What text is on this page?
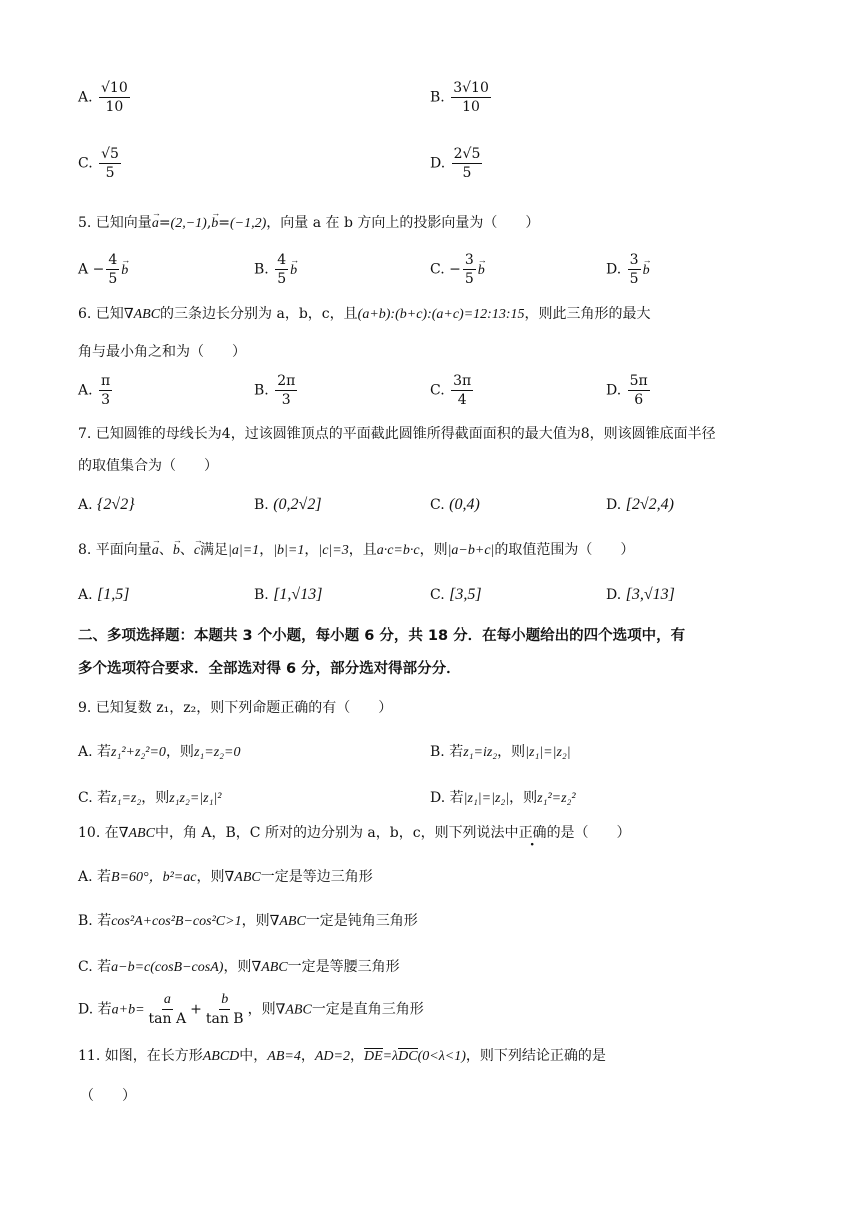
A. $\frac{√10}{10}$	B. $\frac{3√10}{10}$
C. $\frac{√5}{5}$	D. $\frac{2√5}{5}$
5. 已知向量→ a=(2,−1),→ b=(−1,2)，向量 a 在 b 方向上的投影向量为（　　）
$A - \frac{4}{5}$
→ b	B. $\frac{4}{5}$
→ b	C. − $\frac{3}{5}$
→ b	D. $\frac{3}{5}$
→ b
6. 已知∇ABC的三条边长分别为 a，b，c，且(a+b):(b+c):(a+c)=12:13:15，则此三角形的最大
角与最小角之和为（　　）
A. $\frac{\pi}{3}$	B. $\frac{2\pi}{3}$	C. $\frac{3\pi}{4}$	D. $\frac{5\pi}{6}$
7. 已知圆锥的母线长为4，过该圆锥顶点的平面截此圆锥所得截面面积的最大值为8，则该圆锥底面半径
的取值集合为（　　）
A. {2√2}	B. (0,2√2]	C. (0,4)	D. [2√2,4)
8. 平面向量→ a、→ b、→ c满足|a|=1，|b|=1，|c|=3，且a·c=b·c，则|a−b+c|的取值范围为（　　）
A. [1,5]	B. [1,√13]	C. [3,5]	D. [3,√13]
二、多项选择题：本题共 3 个小题，每小题 6 分，共 18 分．在每小题给出的四个选项中，有
多个选项符合要求．全部选对得 6 分，部分选对得部分分．
9. 已知复数 z₁，z₂，则下列命题正确的有（　　）
A. 若z₁²+z₂²=0，则z₁=z₂=0	B. 若z₁=iz₂，则|z₁|=|z₂|
C. 若z₁=z₂，则z₁z₂=|z₁|²	D. 若|z₁|=|z₂|，则z₁²=z₂²
10. 在∇ABC中，角 A，B，C 所对的边分别为 a，b，c，则下列说法中正确的是（　　）
A. 若B=60°，b²=ac，则∇ABC一定是等边三角形
B. 若cos²A+cos²B−cos²C>1，则∇ABC一定是钝角三角形
C. 若a−b=c(cosB−cosA)，则∇ABC一定是等腰三角形
D. 若$a+b= \frac{a}{\text{tan A}} + \frac{b}{\text{tan B}}$ ，则∇ABC一定是直角三角形
11. 如图，在长方形ABCD中，AB=4，AD=2，DE=λDC(0<λ<1)，则下列结论正确的是
（　　）
